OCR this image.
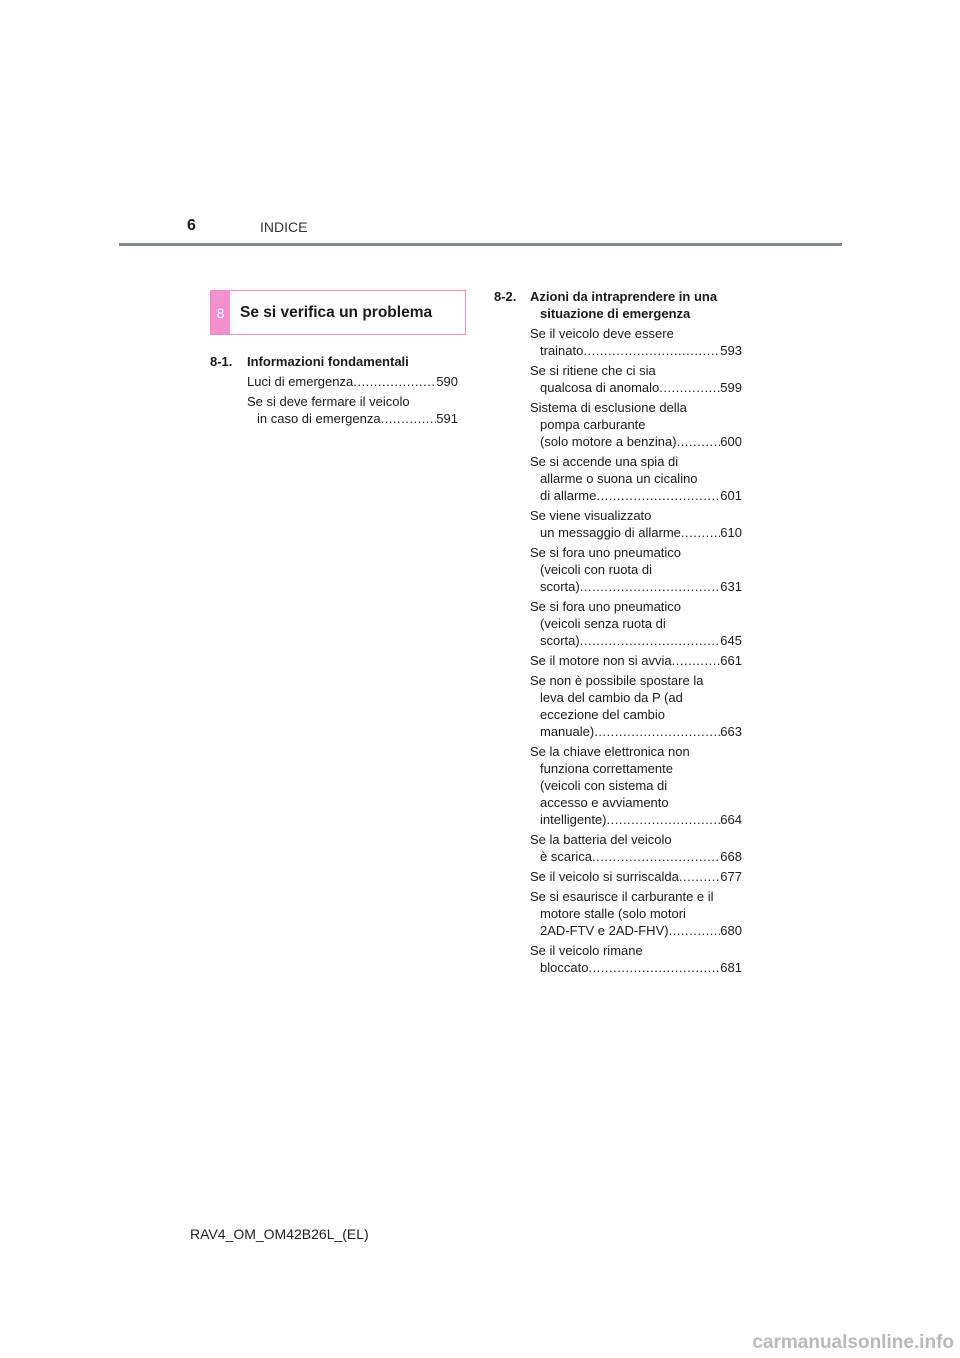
6	INDICE
8	Se si verifica un problema
8-1.	Informazioni fondamentali
Luci di emergenza .....	590
Se si deve fermare il veicolo
in caso di emergenza .....	591
8-2.	Azioni da intraprendere in una
situazione di emergenza
Se il veicolo deve essere
trainato .....	593
Se si ritiene che ci sia
qualcosa di anomalo .....	599
Sistema di esclusione della
pompa carburante
(solo motore a benzina) .....	600
Se si accende una spia di
allarme o suona un cicalino
di allarme .....	601
Se viene visualizzato
un messaggio di allarme .....	610
Se si fora uno pneumatico
(veicoli con ruota di
scorta) .....	631
Se si fora uno pneumatico
(veicoli senza ruota di
scorta) .....	645
Se il motore non si avvia .....	661
Se non è possibile spostare la
leva del cambio da P (ad
eccezione del cambio
manuale) .....	663
Se la chiave elettronica non
funziona correttamente
(veicoli con sistema di
accesso e avviamento
intelligente) .....	664
Se la batteria del veicolo
è scarica .....	668
Se il veicolo si surriscalda .....	677
Se si esaurisce il carburante e il
motore stalle (solo motori
2AD-FTV e 2AD-FHV) .....	680
Se il veicolo rimane
bloccato .....	681
RAV4_OM_OM42B26L_(EL)
carmanualsonline.info
